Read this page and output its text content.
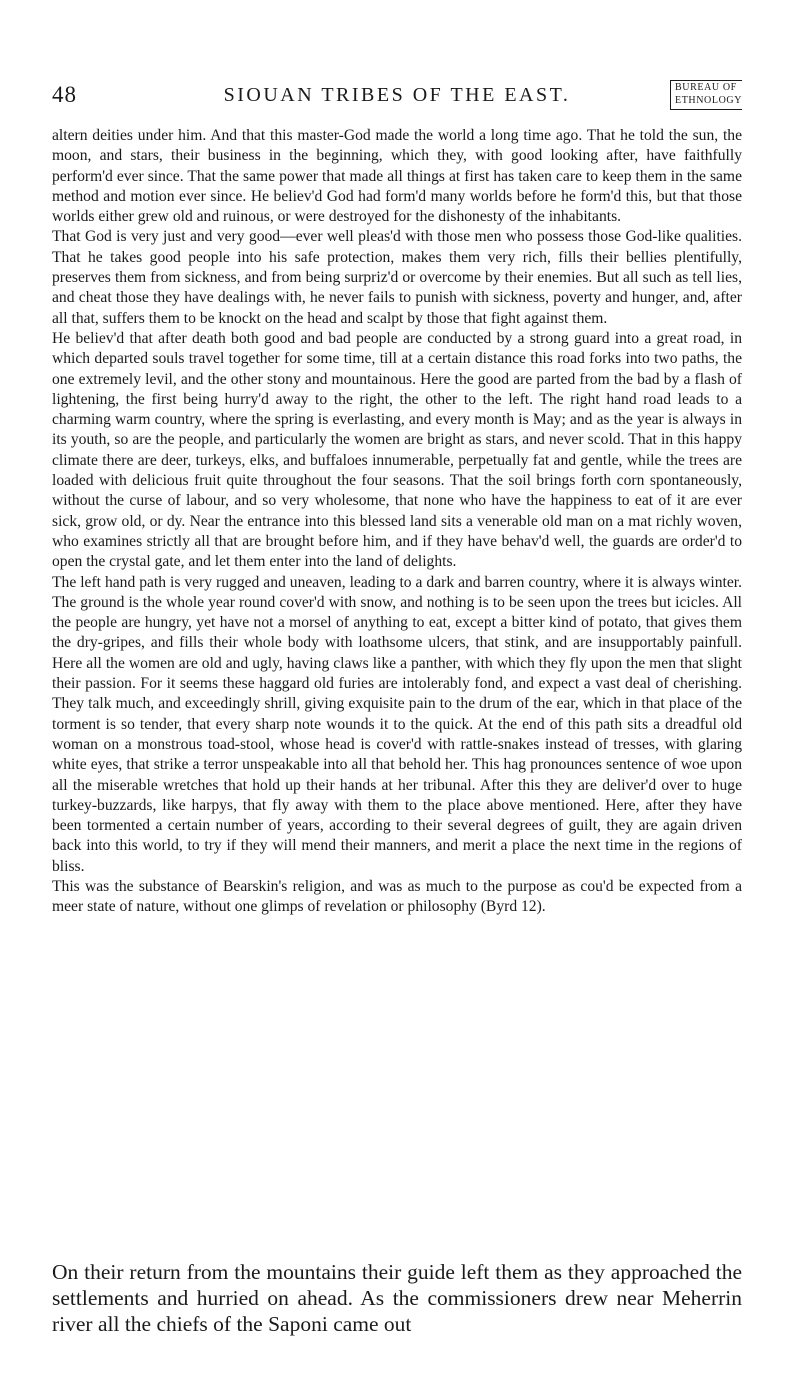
48	SIOUAN TRIBES OF THE EAST.	BUREAU OF
ETHNOLOGY

altern deities under him. And that this master-God made the world a long time ago. That he told the sun, the moon, and stars, their business in the beginning, which they, with good looking after, have faithfully perform'd ever since. That the same power that made all things at first has taken care to keep them in the same method and motion ever since. He believ'd God had form'd many worlds before he form'd this, but that those worlds either grew old and ruinous, or were destroyed for the dishonesty of the inhabitants.

That God is very just and very good—ever well pleas'd with those men who possess those God-like qualities. That he takes good people into his safe protection, makes them very rich, fills their bellies plentifully, preserves them from sickness, and from being surpriz'd or overcome by their enemies. But all such as tell lies, and cheat those they have dealings with, he never fails to punish with sickness, poverty and hunger, and, after all that, suffers them to be knockt on the head and scalpt by those that fight against them.

He believ'd that after death both good and bad people are conducted by a strong guard into a great road, in which departed souls travel together for some time, till at a certain distance this road forks into two paths, the one extremely levil, and the other stony and mountainous. Here the good are parted from the bad by a flash of lightening, the first being hurry'd away to the right, the other to the left. The right hand road leads to a charming warm country, where the spring is everlasting, and every month is May; and as the year is always in its youth, so are the people, and particularly the women are bright as stars, and never scold. That in this happy climate there are deer, turkeys, elks, and buffaloes innumerable, perpetually fat and gentle, while the trees are loaded with delicious fruit quite throughout the four seasons. That the soil brings forth corn spontaneously, without the curse of labour, and so very wholesome, that none who have the happiness to eat of it are ever sick, grow old, or dy. Near the entrance into this blessed land sits a venerable old man on a mat richly woven, who examines strictly all that are brought before him, and if they have behav'd well, the guards are order'd to open the crystal gate, and let them enter into the land of delights.

The left hand path is very rugged and uneaven, leading to a dark and barren country, where it is always winter. The ground is the whole year round cover'd with snow, and nothing is to be seen upon the trees but icicles. All the people are hungry, yet have not a morsel of anything to eat, except a bitter kind of potato, that gives them the dry-gripes, and fills their whole body with loathsome ulcers, that stink, and are insupportably painfull. Here all the women are old and ugly, having claws like a panther, with which they fly upon the men that slight their passion. For it seems these haggard old furies are intolerably fond, and expect a vast deal of cherishing. They talk much, and exceedingly shrill, giving exquisite pain to the drum of the ear, which in that place of the torment is so tender, that every sharp note wounds it to the quick. At the end of this path sits a dreadful old woman on a monstrous toad-stool, whose head is cover'd with rattle-snakes instead of tresses, with glaring white eyes, that strike a terror unspeakable into all that behold her. This hag pronounces sentence of woe upon all the miserable wretches that hold up their hands at her tribunal. After this they are deliver'd over to huge turkey-buzzards, like harpys, that fly away with them to the place above mentioned. Here, after they have been tormented a certain number of years, according to their several degrees of guilt, they are again driven back into this world, to try if they will mend their manners, and merit a place the next time in the regions of bliss.

This was the substance of Bearskin's religion, and was as much to the purpose as cou'd be expected from a meer state of nature, without one glimps of revelation or philosophy (Byrd 12).

On their return from the mountains their guide left them as they approached the settlements and hurried on ahead. As the commissioners drew near Meherrin river all the chiefs of the Saponi came out
